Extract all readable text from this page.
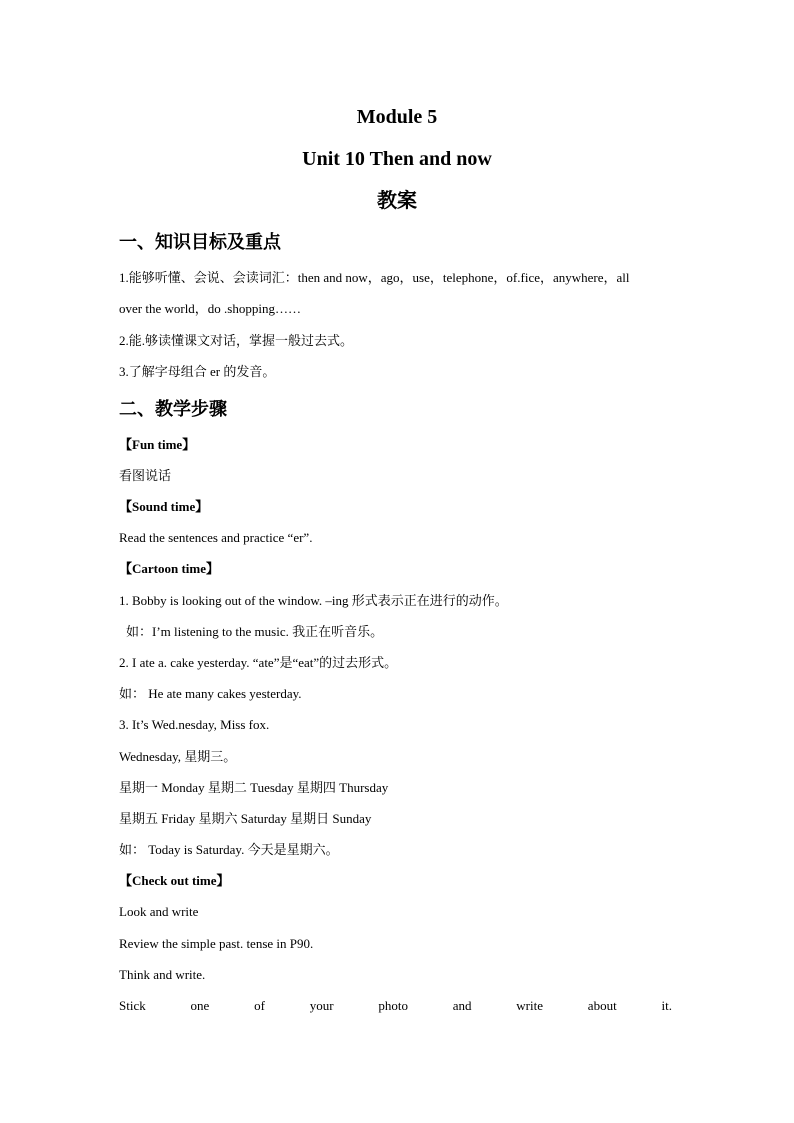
Module 5
Unit 10 Then and now
教案
一、知识目标及重点
1.能够听懂、会说、会读词汇：then and now，ago，use，telephone，of.fice，anywhere，all
over the world，do .shopping……
2.能.够读懂课文对话，掌握一般过去式。
3.了解字母组合 er 的发音。
二、教学步骤
【Fun time】
看图说话
【Sound time】
Read the sentences and practice “er”.
【Cartoon time】
1. Bobby is looking out of the window. –ing 形式表示正在进行的动作。
如：I’m listening to the music. 我正在听音乐。
2. I ate a. cake yesterday. “ate”是“eat”的过去形式。
如： He ate many cakes yesterday.
3. It’s Wed.nesday, Miss fox.
Wednesday, 星期三。
星期一 Monday 星期二 Tuesday 星期四 Thursday
星期五 Friday 星期六 Saturday 星期日 Sunday
如： Today is Saturday. 今天是星期六。
【Check out time】
Look and write
Review the simple past. tense in P90.
Think and write.
Stick	one	of	your	photo	and	write	about	it.
